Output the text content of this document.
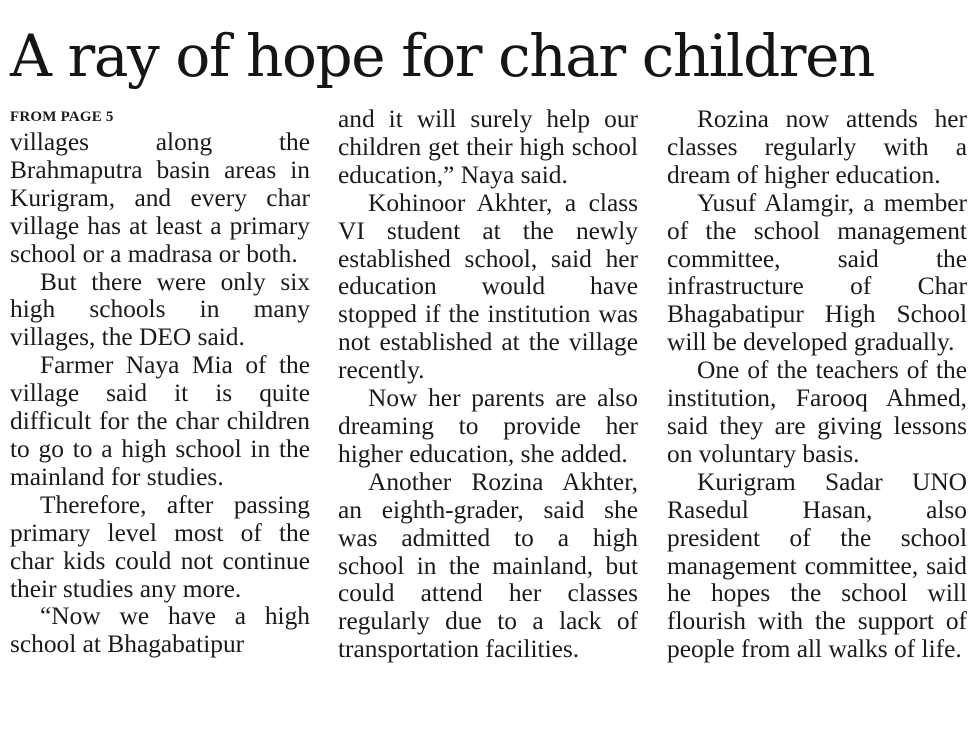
A ray of hope for char children
FROM PAGE 5

villages along the Brahmaputra basin areas in Kurigram, and every char village has at least a primary school or a madrasa or both.

But there were only six high schools in many villages, the DEO said.

Farmer Naya Mia of the village said it is quite difficult for the char children to go to a high school in the mainland for studies.

Therefore, after passing primary level most of the char kids could not continue their studies any more.

“Now we have a high school at Bhagabatipur

and it will surely help our children get their high school education,” Naya said.

Kohinoor Akhter, a class VI student at the newly established school, said her education would have stopped if the institution was not established at the village recently.

Now her parents are also dreaming to provide her higher education, she added.

Another Rozina Akhter, an eighth-grader, said she was admitted to a high school in the mainland, but could attend her classes regularly due to a lack of transportation facilities.

Rozina now attends her classes regularly with a dream of higher education.

Yusuf Alamgir, a member of the school management committee, said the infrastructure of Char Bhagabatipur High School will be developed gradually.

One of the teachers of the institution, Farooq Ahmed, said they are giving lessons on voluntary basis.

Kurigram Sadar UNO Rasedul Hasan, also president of the school management committee, said he hopes the school will flourish with the support of people from all walks of life.
